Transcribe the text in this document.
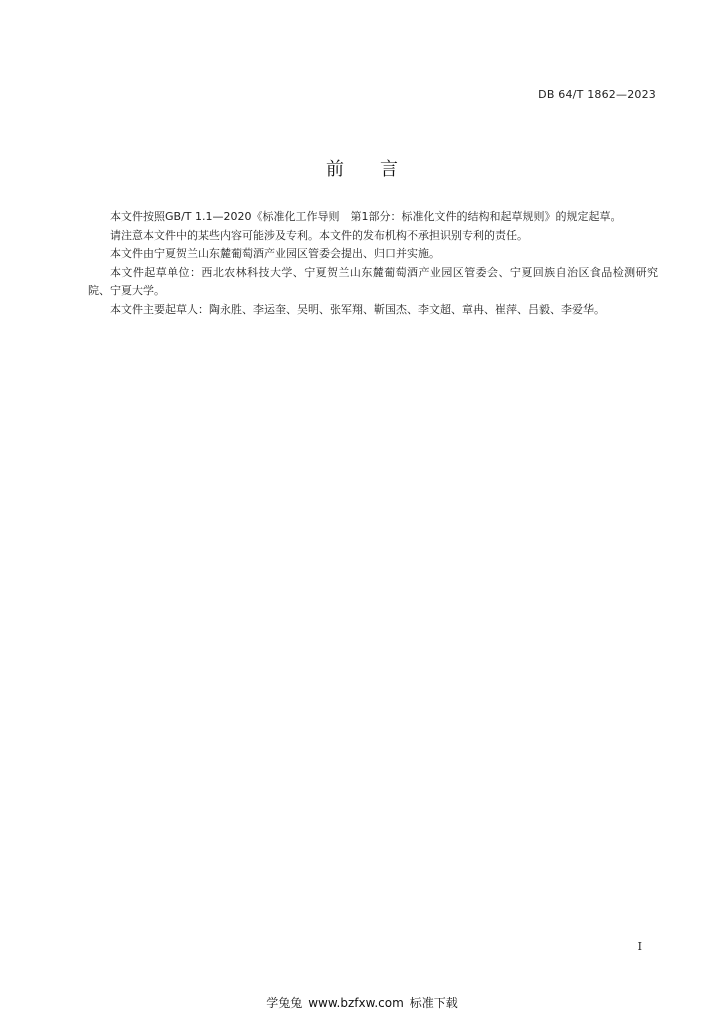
DB 64/T 1862—2023
前言

本文件按照GB/T 1.1—2020《标准化工作导则　第1部分：标准化文件的结构和起草规则》的规定起草。

请注意本文件中的某些内容可能涉及专利。本文件的发布机构不承担识别专利的责任。

本文件由宁夏贺兰山东麓葡萄酒产业园区管委会提出、归口并实施。

本文件起草单位：西北农林科技大学、宁夏贺兰山东麓葡萄酒产业园区管委会、宁夏回族自治区食品检测研究院、宁夏大学。

本文件主要起草人：陶永胜、李运奎、吴明、张军翔、靳国杰、李文超、章冉、崔萍、吕毅、李爱华。

I
学兔兔 www.bzfxw.com 标准下载
